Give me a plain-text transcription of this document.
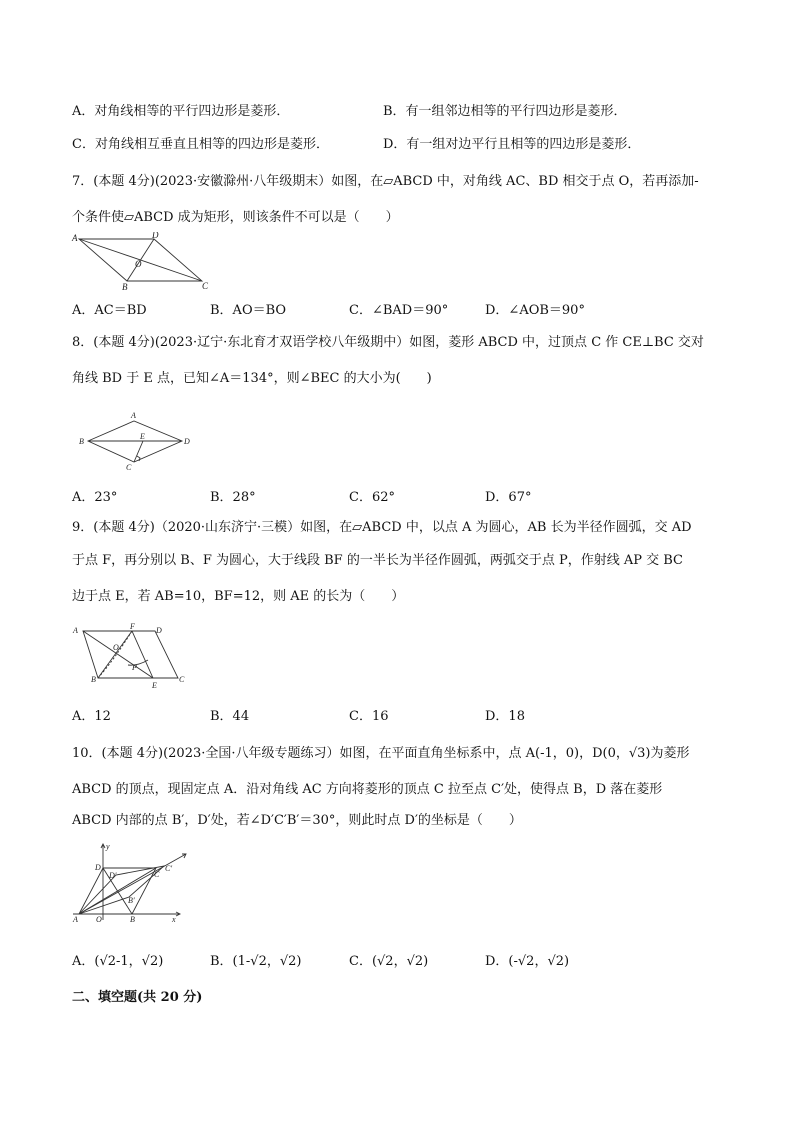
A．对角线相等的平行四边形是菱形．	B．有一组邻边相等的平行四边形是菱形．
C．对角线相互垂直且相等的四边形是菱形．	D．有一组对边平行且相等的四边形是菱形．
7．(本题 4分)(2023·安徽滁州·八年级期末）如图，在▱ABCD 中，对角线 AC、BD 相交于点 O，若再添加-
个条件使▱ABCD 成为矩形，则该条件不可以是（　　）
A	D
O
B	C
A．AC＝BD	B．AO＝BO	C．∠BAD＝90°	D．∠AOB＝90°
8．(本题 4分)(2023·辽宁·东北育才双语学校八年级期中）如图，菱形 ABCD 中，过顶点 C 作 CE⊥BC 交对
角线 BD 于 E 点，已知∠A＝134°，则∠BEC 的大小为(　　)
A
B
E
D
C
A．23°	B．28°	C．62°	D．67°
9．(本题 4分)（2020·山东济宁·三模）如图，在▱ABCD 中，以点 A 为圆心，AB 长为半径作圆弧，交 AD
于点 F，再分别以 B、F 为圆心，大于线段 BF 的一半长为半径作圆弧，两弧交于点 P，作射线 AP 交 BC
边于点 E，若 AB=10，BF=12，则 AE 的长为（　　）
A	F	D
O
P
B
E
C
A．12	B．44	C．16	D．18
10．(本题 4分)(2023·全国·八年级专题练习）如图，在平面直角坐标系中，点 A(-1，0)，D(0，√3)为菱形
ABCD 的顶点，现固定点 A．沿对角线 AC 方向将菱形的顶点 C 拉至点 C′处，使得点 B，D 落在菱形
ABCD 内部的点 B′，D′处，若∠D′C′B′＝30°，则此时点 D′的坐标是（　　）
y
D
D′	C
C′
B′
A O	B	x
A．(√2-1，√2)	B．(1-√2，√2)	C．(√2，√2)	D．(-√2，√2)
二、填空题(共 20 分)
